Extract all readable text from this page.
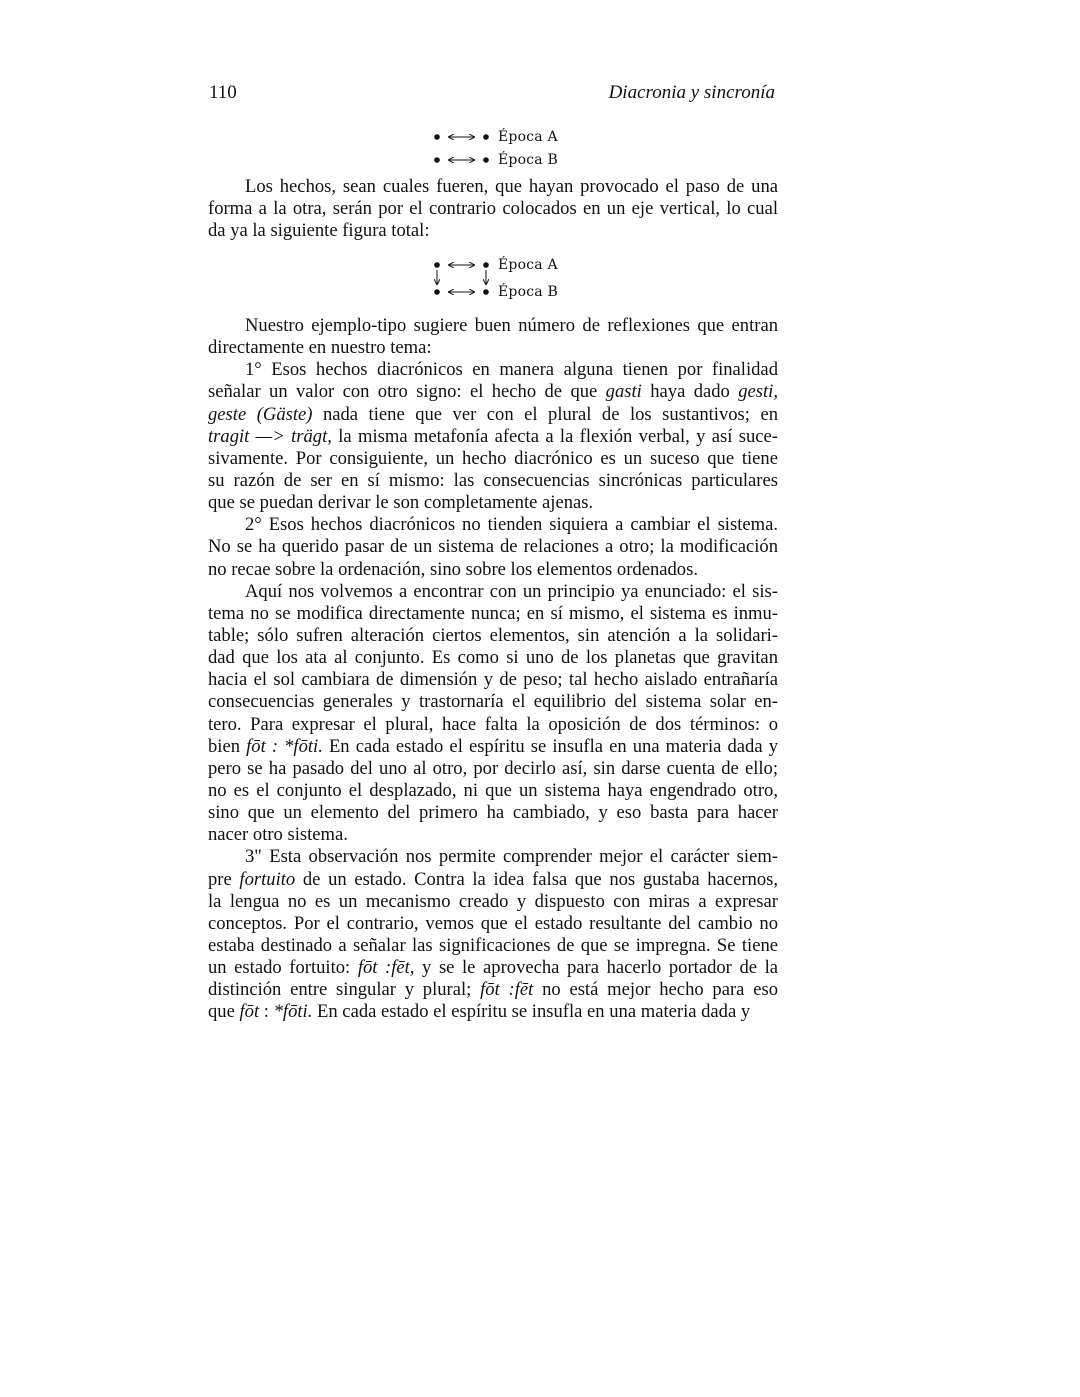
110	Diacronia y sincronía
Época A
Época B
Los hechos, sean cuales fueren, que hayan provocado el paso de una
forma a la otra, serán por el contrario colocados en un eje vertical, lo cual
da ya la siguiente figura total:
Época A
Época B
Nuestro ejemplo-tipo sugiere buen número de reflexiones que entran
directamente en nuestro tema:
1° Esos hechos diacrónicos en manera alguna tienen por finalidad
señalar un valor con otro signo: el hecho de que gasti haya dado gesti,
geste (Gäste) nada tiene que ver con el plural de los sustantivos; en
tragit —> trägt, la misma metafonía afecta a la flexión verbal, y así suce-
sivamente. Por consiguiente, un hecho diacrónico es un suceso que tiene
su razón de ser en sí mismo: las consecuencias sincrónicas particulares
que se puedan derivar le son completamente ajenas.
2° Esos hechos diacrónicos no tienden siquiera a cambiar el sistema.
No se ha querido pasar de un sistema de relaciones a otro; la modificación
no recae sobre la ordenación, sino sobre los elementos ordenados.
Aquí nos volvemos a encontrar con un principio ya enunciado: el sis-
tema no se modifica directamente nunca; en sí mismo, el sistema es inmu-
table; sólo sufren alteración ciertos elementos, sin atención a la solidari-
dad que los ata al conjunto. Es como si uno de los planetas que gravitan
hacia el sol cambiara de dimensión y de peso; tal hecho aislado entrañaría
consecuencias generales y trastornaría el equilibrio del sistema solar en-
tero. Para expresar el plural, hace falta la oposición de dos términos: o
bien fōt : *fōti. En cada estado el espíritu se insufla en una materia dada y
pero se ha pasado del uno al otro, por decirlo así, sin darse cuenta de ello;
no es el conjunto el desplazado, ni que un sistema haya engendrado otro,
sino que un elemento del primero ha cambiado, y eso basta para hacer
nacer otro sistema.
3" Esta observación nos permite comprender mejor el carácter siem-
pre fortuito de un estado. Contra la idea falsa que nos gustaba hacernos,
la lengua no es un mecanismo creado y dispuesto con miras a expresar
conceptos. Por el contrario, vemos que el estado resultante del cambio no
estaba destinado a señalar las significaciones de que se impregna. Se tiene
un estado fortuito: fōt :fēt, y se le aprovecha para hacerlo portador de la
distinción entre singular y plural; fōt :fēt no está mejor hecho para eso
que fōt : *fōti. En cada estado el espíritu se insufla en una materia dada y
